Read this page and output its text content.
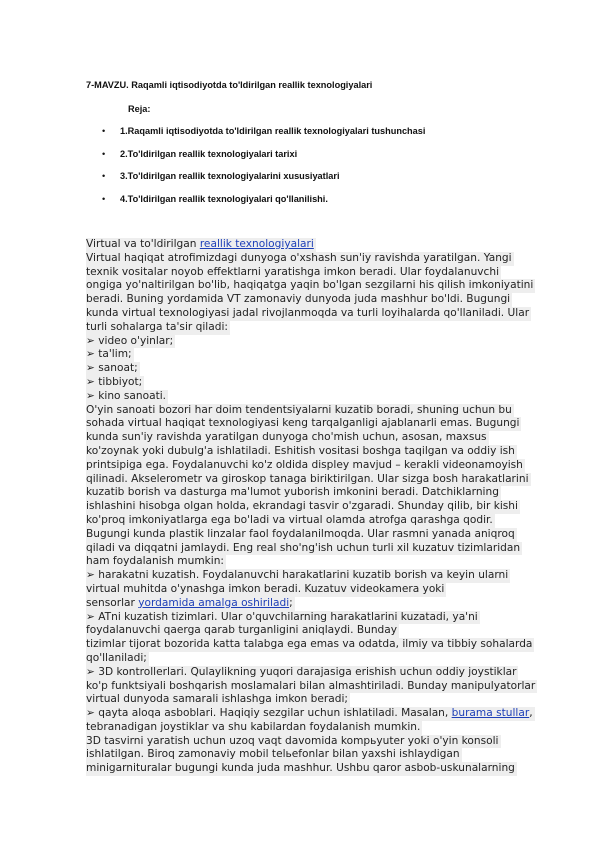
7-MAVZU. Raqamli iqtisodiyotda to'ldirilgan reallik texnologiyalari
Reja:
• 1.Raqamli iqtisodiyotda to'ldirilgan reallik texnologiyalari tushunchasi
• 2.To'ldirilgan reallik texnologiyalari tarixi
• 3.To'ldirilgan reallik texnologiyalarini xususiyatlari
• 4.To'ldirilgan reallik texnologiyalari qo'llanilishi.

Virtual va to'ldirilgan reallik texnologiyalari

Virtual haqiqat atrofimizdagi dunyoga o'xshash sun'iy ravishda yaratilgan. Yangi

texnik vositalar noyob effektlarni yaratishga imkon beradi. Ular foydalanuvchi

ongiga yo'naltirilgan bo'lib, haqiqatga yaqin bo'lgan sezgilarni his qilish imkoniyatini

beradi. Buning yordamida VT zamonaviy dunyoda juda mashhur bo'ldi. Bugungi

kunda virtual texnologiyasi jadal rivojlanmoqda va turli loyihalarda qo'llaniladi. Ular

turli sohalarga ta'sir qiladi:

➢ video o'yinlar;

➢ ta'lim;

➢ sanoat;

➢ tibbiyot;

➢ kino sanoati.

O'yin sanoati bozori har doim tendentsiyalarni kuzatib boradi, shuning uchun bu

sohada virtual haqiqat texnologiyasi keng tarqalganligi ajablanarli emas. Bugungi

kunda sun'iy ravishda yaratilgan dunyoga cho'mish uchun, asosan, maxsus

ko'zoynak yoki dubulg'a ishlatiladi. Eshitish vositasi boshga taqilgan va oddiy ish

printsipiga ega. Foydalanuvchi ko'z oldida displey mavjud – kerakli videonamoyish

qilinadi. Akselerometr va giroskop tanaga biriktirilgan. Ular sizga bosh harakatlarini

kuzatib borish va dasturga ma'lumot yuborish imkonini beradi. Datchiklarning

ishlashini hisobga olgan holda, ekrandagi tasvir o'zgaradi. Shunday qilib, bir kishi

ko'proq imkoniyatlarga ega bo'ladi va virtual olamda atrofga qarashga qodir.

Bugungi kunda plastik linzalar faol foydalanilmoqda. Ular rasmni yanada aniqroq

qiladi va diqqatni jamlaydi. Eng real sho'ng'ish uchun turli xil kuzatuv tizimlaridan

ham foydalanish mumkin:

➢ harakatni kuzatish. Foydalanuvchi harakatlarini kuzatib borish va keyin ularni

virtual muhitda o'ynashga imkon beradi. Kuzatuv videokamera yoki

sensorlar yordamida amalga oshiriladi;

➢ ATni kuzatish tizimlari. Ular o'quvchilarning harakatlarini kuzatadi, ya'ni

foydalanuvchi qaerga qarab turganligini aniqlaydi. Bunday

tizimlar tijorat bozorida katta talabga ega emas va odatda, ilmiy va tibbiy sohalarda

qo'llaniladi;

➢ 3D kontrollerlari. Qulaylikning yuqori darajasiga erishish uchun oddiy joystiklar

ko'p funktsiyali boshqarish moslamalari bilan almashtiriladi. Bunday manipulyatorlar

virtual dunyoda samarali ishlashga imkon beradi;

➢ qayta aloqa asboblari. Haqiqiy sezgilar uchun ishlatiladi. Masalan, burama stullar,

tebranadigan joystiklar va shu kabilardan foydalanish mumkin.

3D tasvirni yaratish uchun uzoq vaqt davomida kompьyuter yoki o'yin konsoli

ishlatilgan. Biroq zamonaviy mobil telьefonlar bilan yaxshi ishlaydigan

minigarnituralar bugungi kunda juda mashhur. Ushbu qaror asbob-uskunalarning
